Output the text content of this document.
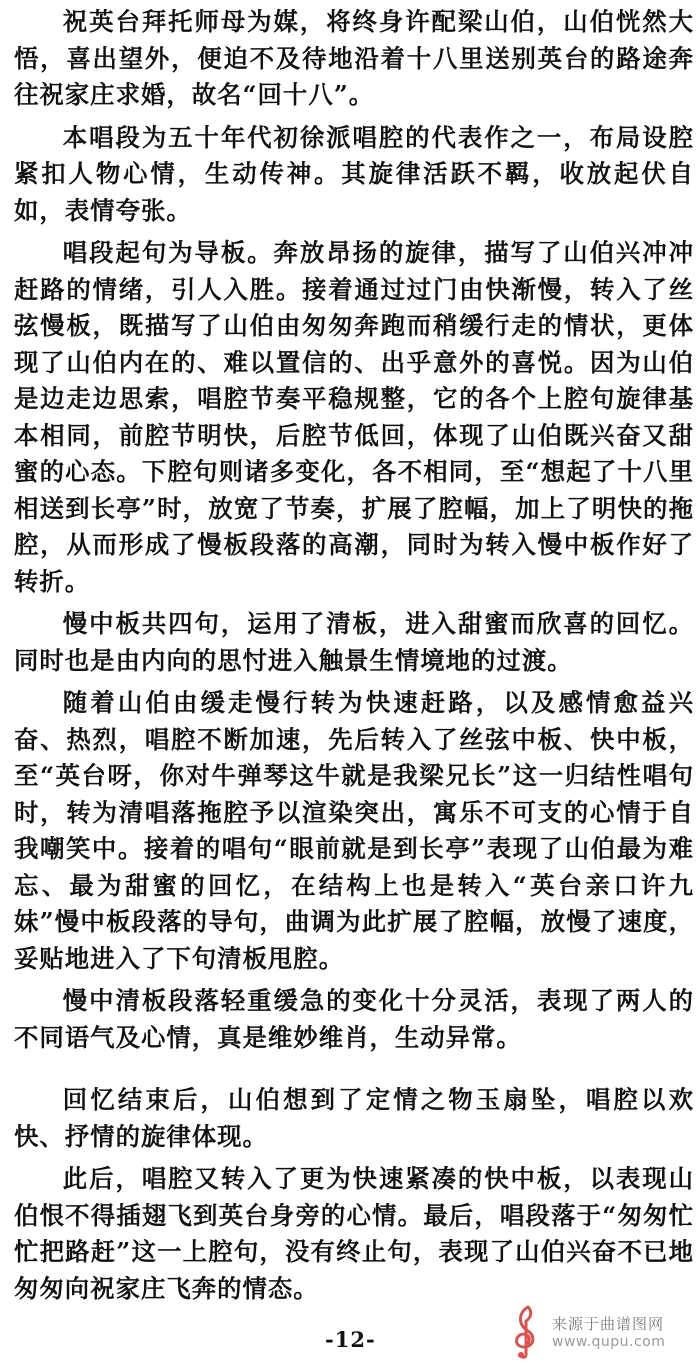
祝英台拜托师母为媒，将终身许配梁山伯，山伯恍然大悟，喜出望外，便迫不及待地沿着十八里送别英台的路途奔往祝家庄求婚，故名“回十八”。

本唱段为五十年代初徐派唱腔的代表作之一，布局设腔紧扣人物心情，生动传神。其旋律活跃不羁，收放起伏自如，表情夸张。

唱段起句为导板。奔放昂扬的旋律，描写了山伯兴冲冲赶路的情绪，引人入胜。接着通过过门由快渐慢，转入了丝弦慢板，既描写了山伯由匆匆奔跑而稍缓行走的情状，更体现了山伯内在的、难以置信的、出乎意外的喜悦。因为山伯是边走边思索，唱腔节奏平稳规整，它的各个上腔句旋律基本相同，前腔节明快，后腔节低回，体现了山伯既兴奋又甜蜜的心态。下腔句则诸多变化，各不相同，至“想起了十八里相送到长亭”时，放宽了节奏，扩展了腔幅，加上了明快的拖腔，从而形成了慢板段落的高潮，同时为转入慢中板作好了转折。

慢中板共四句，运用了清板，进入甜蜜而欣喜的回忆。同时也是由内向的思忖进入触景生情境地的过渡。

随着山伯由缓走慢行转为快速赶路，以及感情愈益兴奋、热烈，唱腔不断加速，先后转入了丝弦中板、快中板，至“英台呀，你对牛弹琴这牛就是我梁兄长”这一归结性唱句时，转为清唱落拖腔予以渲染突出，寓乐不可支的心情于自我嘲笑中。接着的唱句“眼前就是到长亭”表现了山伯最为难忘、最为甜蜜的回忆，在结构上也是转入“英台亲口许九妹”慢中板段落的导句，曲调为此扩展了腔幅，放慢了速度，妥贴地进入了下句清板甩腔。

慢中清板段落轻重缓急的变化十分灵活，表现了两人的不同语气及心情，真是维妙维肖，生动异常。

回忆结束后，山伯想到了定情之物玉扇坠，唱腔以欢快、抒情的旋律体现。

此后，唱腔又转入了更为快速紧凑的快中板，以表现山伯恨不得插翅飞到英台身旁的心情。最后，唱段落于“匆匆忙忙把路赶”这一上腔句，没有终止句，表现了山伯兴奋不已地匆匆向祝家庄飞奔的情态。

-12-
来源于曲谱图网
www.qupu.com
